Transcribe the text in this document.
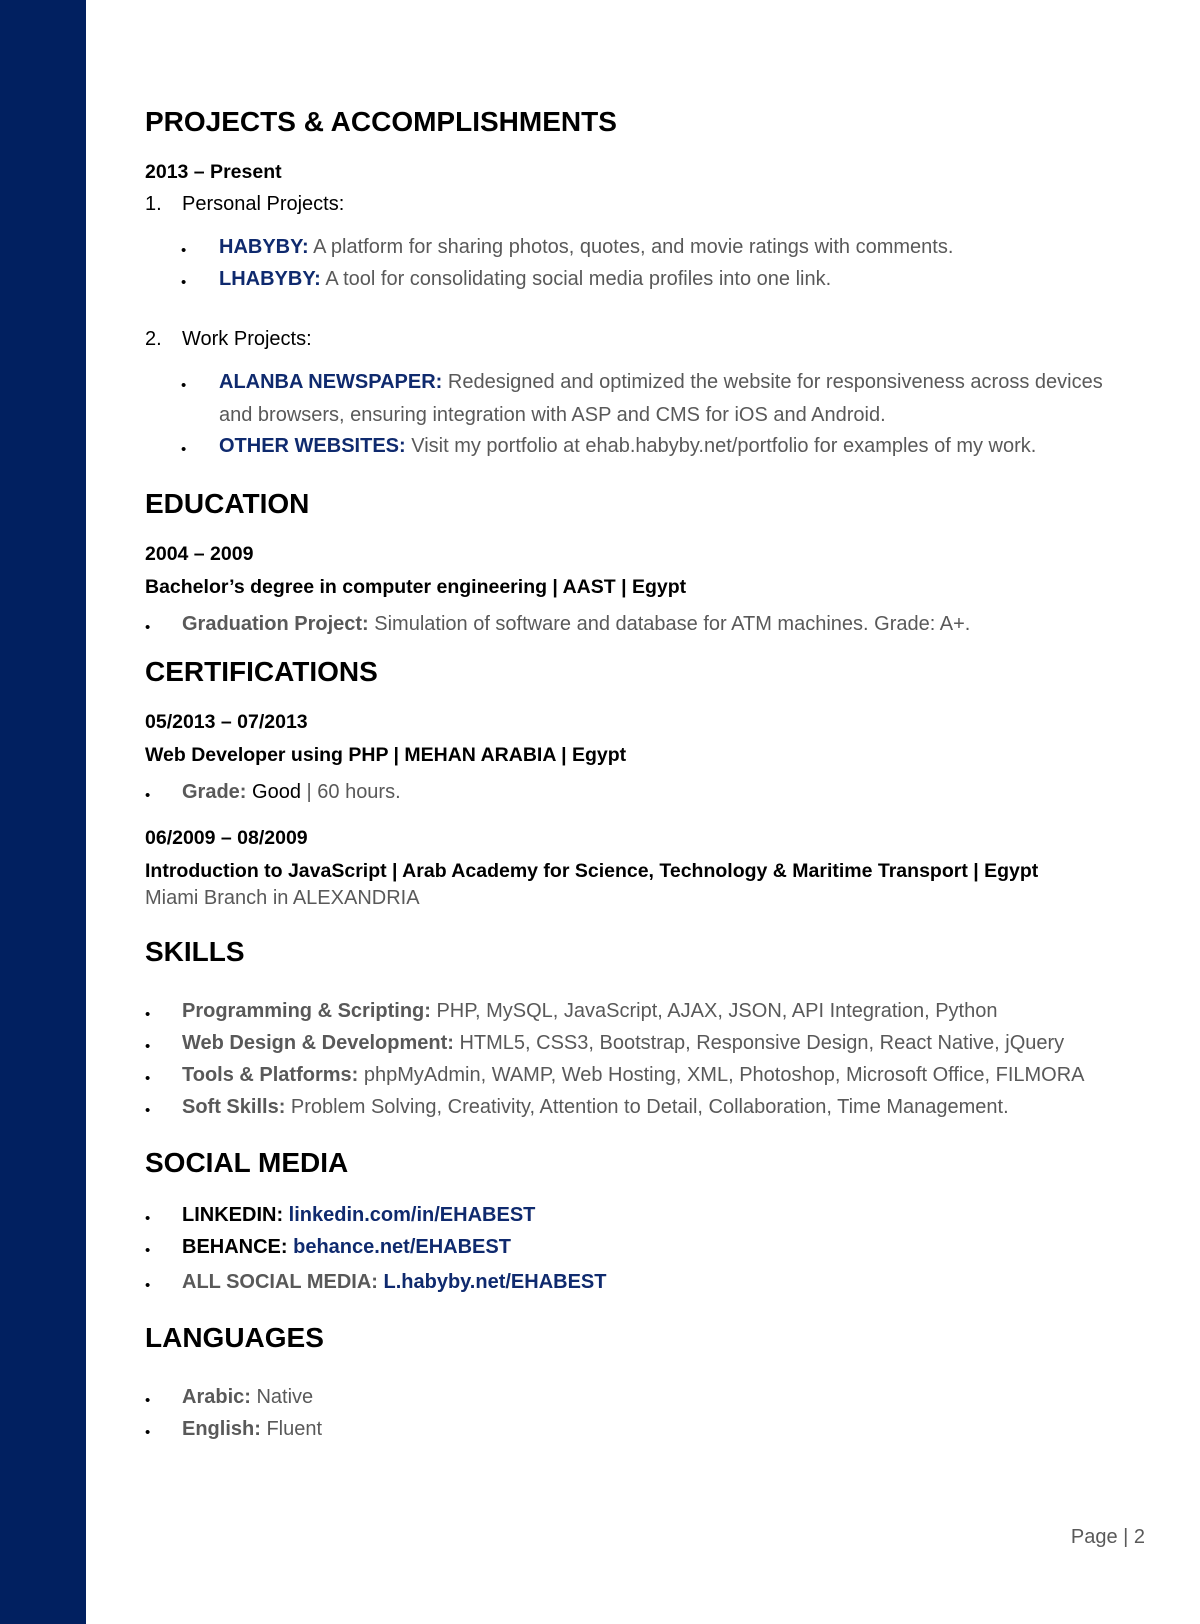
PROJECTS & ACCOMPLISHMENTS
2013 – Present
1. Personal Projects:
• HABYBY: A platform for sharing photos, quotes, and movie ratings with comments.
• LHABYBY: A tool for consolidating social media profiles into one link.
2. Work Projects:
• ALANBA NEWSPAPER: Redesigned and optimized the website for responsiveness across devices and browsers, ensuring integration with ASP and CMS for iOS and Android.
• OTHER WEBSITES: Visit my portfolio at ehab.habyby.net/portfolio for examples of my work.
EDUCATION
2004 – 2009
Bachelor’s degree in computer engineering | AAST | Egypt
• Graduation Project: Simulation of software and database for ATM machines. Grade: A+.
CERTIFICATIONS
05/2013 – 07/2013
Web Developer using PHP | MEHAN ARABIA | Egypt
• Grade: Good | 60 hours.
06/2009 – 08/2009
Introduction to JavaScript | Arab Academy for Science, Technology & Maritime Transport | Egypt
Miami Branch in ALEXANDRIA
SKILLS
• Programming & Scripting: PHP, MySQL, JavaScript, AJAX, JSON, API Integration, Python
• Web Design & Development: HTML5, CSS3, Bootstrap, Responsive Design, React Native, jQuery
• Tools & Platforms: phpMyAdmin, WAMP, Web Hosting, XML, Photoshop, Microsoft Office, FILMORA
• Soft Skills: Problem Solving, Creativity, Attention to Detail, Collaboration, Time Management.
SOCIAL MEDIA
• LINKEDIN: linkedin.com/in/EHABEST
• BEHANCE: behance.net/EHABEST
• ALL SOCIAL MEDIA: L.habyby.net/EHABEST
LANGUAGES
• Arabic: Native
• English: Fluent
Page | 2
